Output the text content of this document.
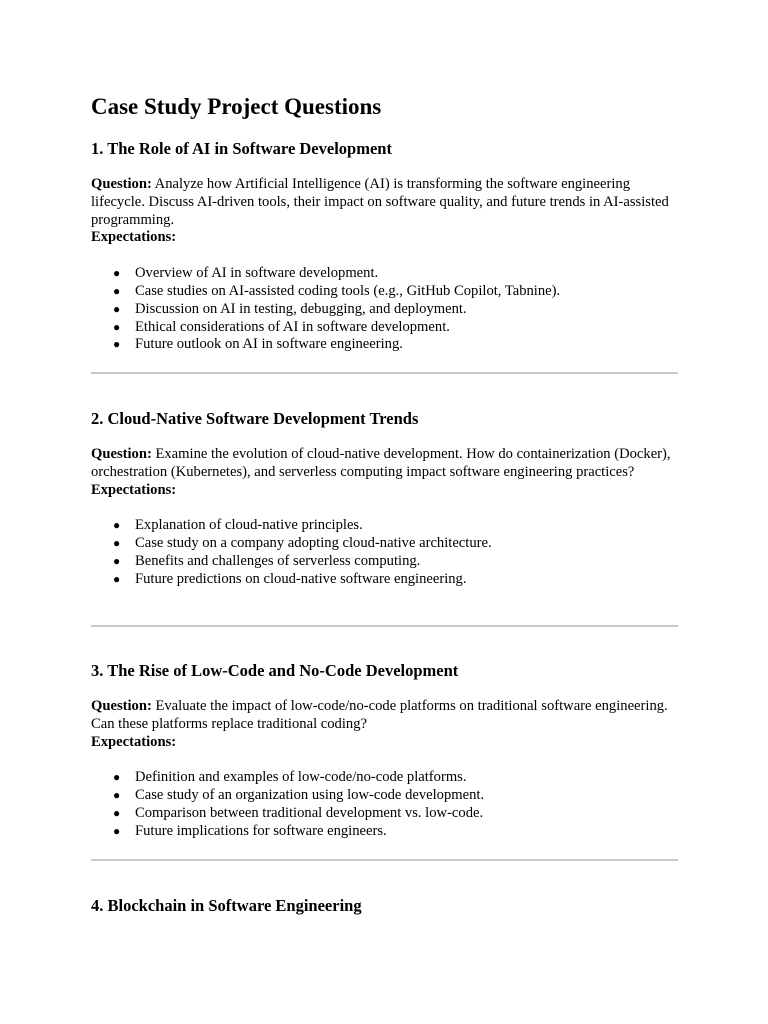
Case Study Project Questions
1. The Role of AI in Software Development

Question: Analyze how Artificial Intelligence (AI) is transforming the software engineering lifecycle. Discuss AI-driven tools, their impact on software quality, and future trends in AI-assisted programming.

Expectations:

● Overview of AI in software development.
● Case studies on AI-assisted coding tools (e.g., GitHub Copilot, Tabnine).
● Discussion on AI in testing, debugging, and deployment.
● Ethical considerations of AI in software development.
● Future outlook on AI in software engineering.
2. Cloud-Native Software Development Trends

Question: Examine the evolution of cloud-native development. How do containerization (Docker), orchestration (Kubernetes), and serverless computing impact software engineering practices?

Expectations:

● Explanation of cloud-native principles.
● Case study on a company adopting cloud-native architecture.
● Benefits and challenges of serverless computing.
● Future predictions on cloud-native software engineering.
3. The Rise of Low-Code and No-Code Development

Question: Evaluate the impact of low-code/no-code platforms on traditional software engineering. Can these platforms replace traditional coding?

Expectations:

● Definition and examples of low-code/no-code platforms.
● Case study of an organization using low-code development.
● Comparison between traditional development vs. low-code.
● Future implications for software engineers.
4. Blockchain in Software Engineering
